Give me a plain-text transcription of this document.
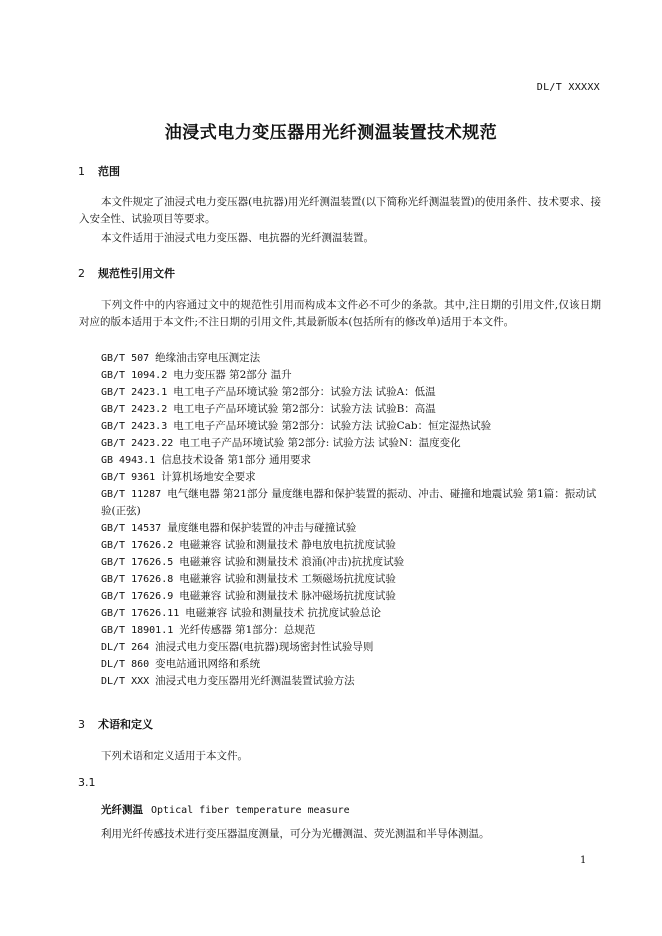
DL/T XXXXX
油浸式电力变压器用光纤测温装置技术规范
1 范围
本文件规定了油浸式电力变压器(电抗器)用光纤测温装置(以下简称光纤测温装置)的使用条件、技术要求、接入安全性、试验项目等要求。
本文件适用于油浸式电力变压器、电抗器的光纤测温装置。
2 规范性引用文件
下列文件中的内容通过文中的规范性引用而构成本文件必不可少的条款。其中,注日期的引用文件,仅该日期对应的版本适用于本文件;不注日期的引用文件,其最新版本(包括所有的修改单)适用于本文件。
GB/T 507 绝缘油击穿电压测定法
GB/T 1094.2 电力变压器 第2部分 温升
GB/T 2423.1 电工电子产品环境试验 第2部分：试验方法 试验A：低温
GB/T 2423.2 电工电子产品环境试验 第2部分：试验方法 试验B：高温
GB/T 2423.3 电工电子产品环境试验 第2部分：试验方法 试验Cab：恒定湿热试验
GB/T 2423.22 电工电子产品环境试验 第2部分: 试验方法 试验N：温度变化
GB 4943.1 信息技术设备 第1部分 通用要求
GB/T 9361 计算机场地安全要求
GB/T 11287 电气继电器 第21部分 量度继电器和保护装置的振动、冲击、碰撞和地震试验 第1篇：振动试验(正弦)
GB/T 14537 量度继电器和保护装置的冲击与碰撞试验
GB/T 17626.2 电磁兼容 试验和测量技术 静电放电抗扰度试验
GB/T 17626.5 电磁兼容 试验和测量技术 浪涌(冲击)抗扰度试验
GB/T 17626.8 电磁兼容 试验和测量技术 工频磁场抗扰度试验
GB/T 17626.9 电磁兼容 试验和测量技术 脉冲磁场抗扰度试验
GB/T 17626.11 电磁兼容 试验和测量技术 抗扰度试验总论
GB/T 18901.1 光纤传感器 第1部分：总规范
DL/T 264 油浸式电力变压器(电抗器)现场密封性试验导则
DL/T 860 变电站通讯网络和系统
DL/T XXX 油浸式电力变压器用光纤测温装置试验方法
3 术语和定义
下列术语和定义适用于本文件。
3.1
光纤测温 Optical fiber temperature measure
利用光纤传感技术进行变压器温度测量，可分为光栅测温、荧光测温和半导体测温。
1
